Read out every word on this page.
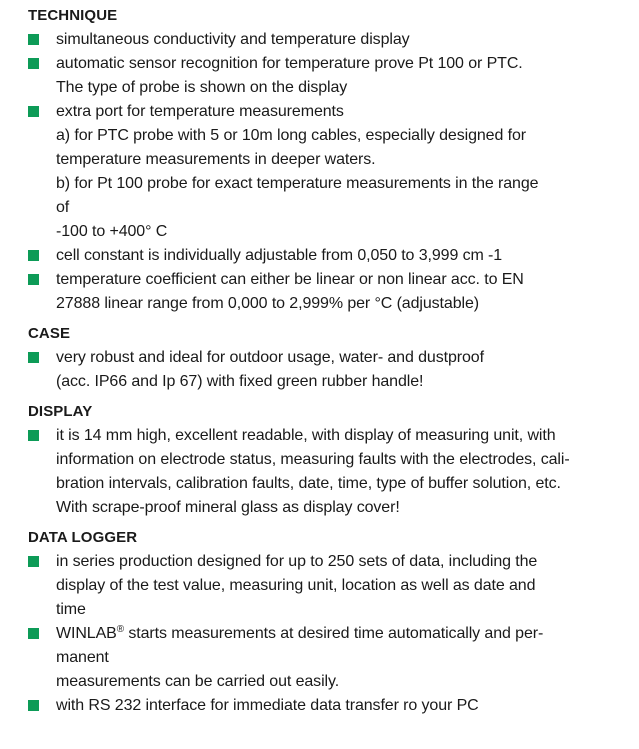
TECHNIQUE
simultaneous conductivity and temperature display
automatic sensor recognition for temperature prove Pt 100 or PTC.
The type of probe is shown on the display
extra port for temperature measurements
a) for PTC probe with 5 or 10m long cables, especially designed for
temperature measurements in deeper waters.
b) for Pt 100 probe for exact temperature measurements in the range
of
-100 to +400° C
cell constant is individually adjustable from 0,050 to 3,999 cm -1
temperature coefficient can either be linear or non linear acc. to EN
27888 linear range from 0,000 to 2,999% per °C (adjustable)
CASE
very robust and ideal for outdoor usage, water- and dustproof
(acc. IP66 and Ip 67) with fixed green rubber handle!
DISPLAY
it is 14 mm high, excellent readable, with display of measuring unit, with
information on electrode status, measuring faults with the electrodes, cali-
bration intervals, calibration faults, date, time, type of buffer solution, etc.
With scrape-proof mineral glass as display cover!
DATA LOGGER
in series production designed for up to 250 sets of data, including the
display of the test value, measuring unit, location as well as date and
time
WINLAB® starts measurements at desired time automatically and per-
manent
measurements can be carried out easily.
with RS 232 interface for immediate data transfer ro your PC
